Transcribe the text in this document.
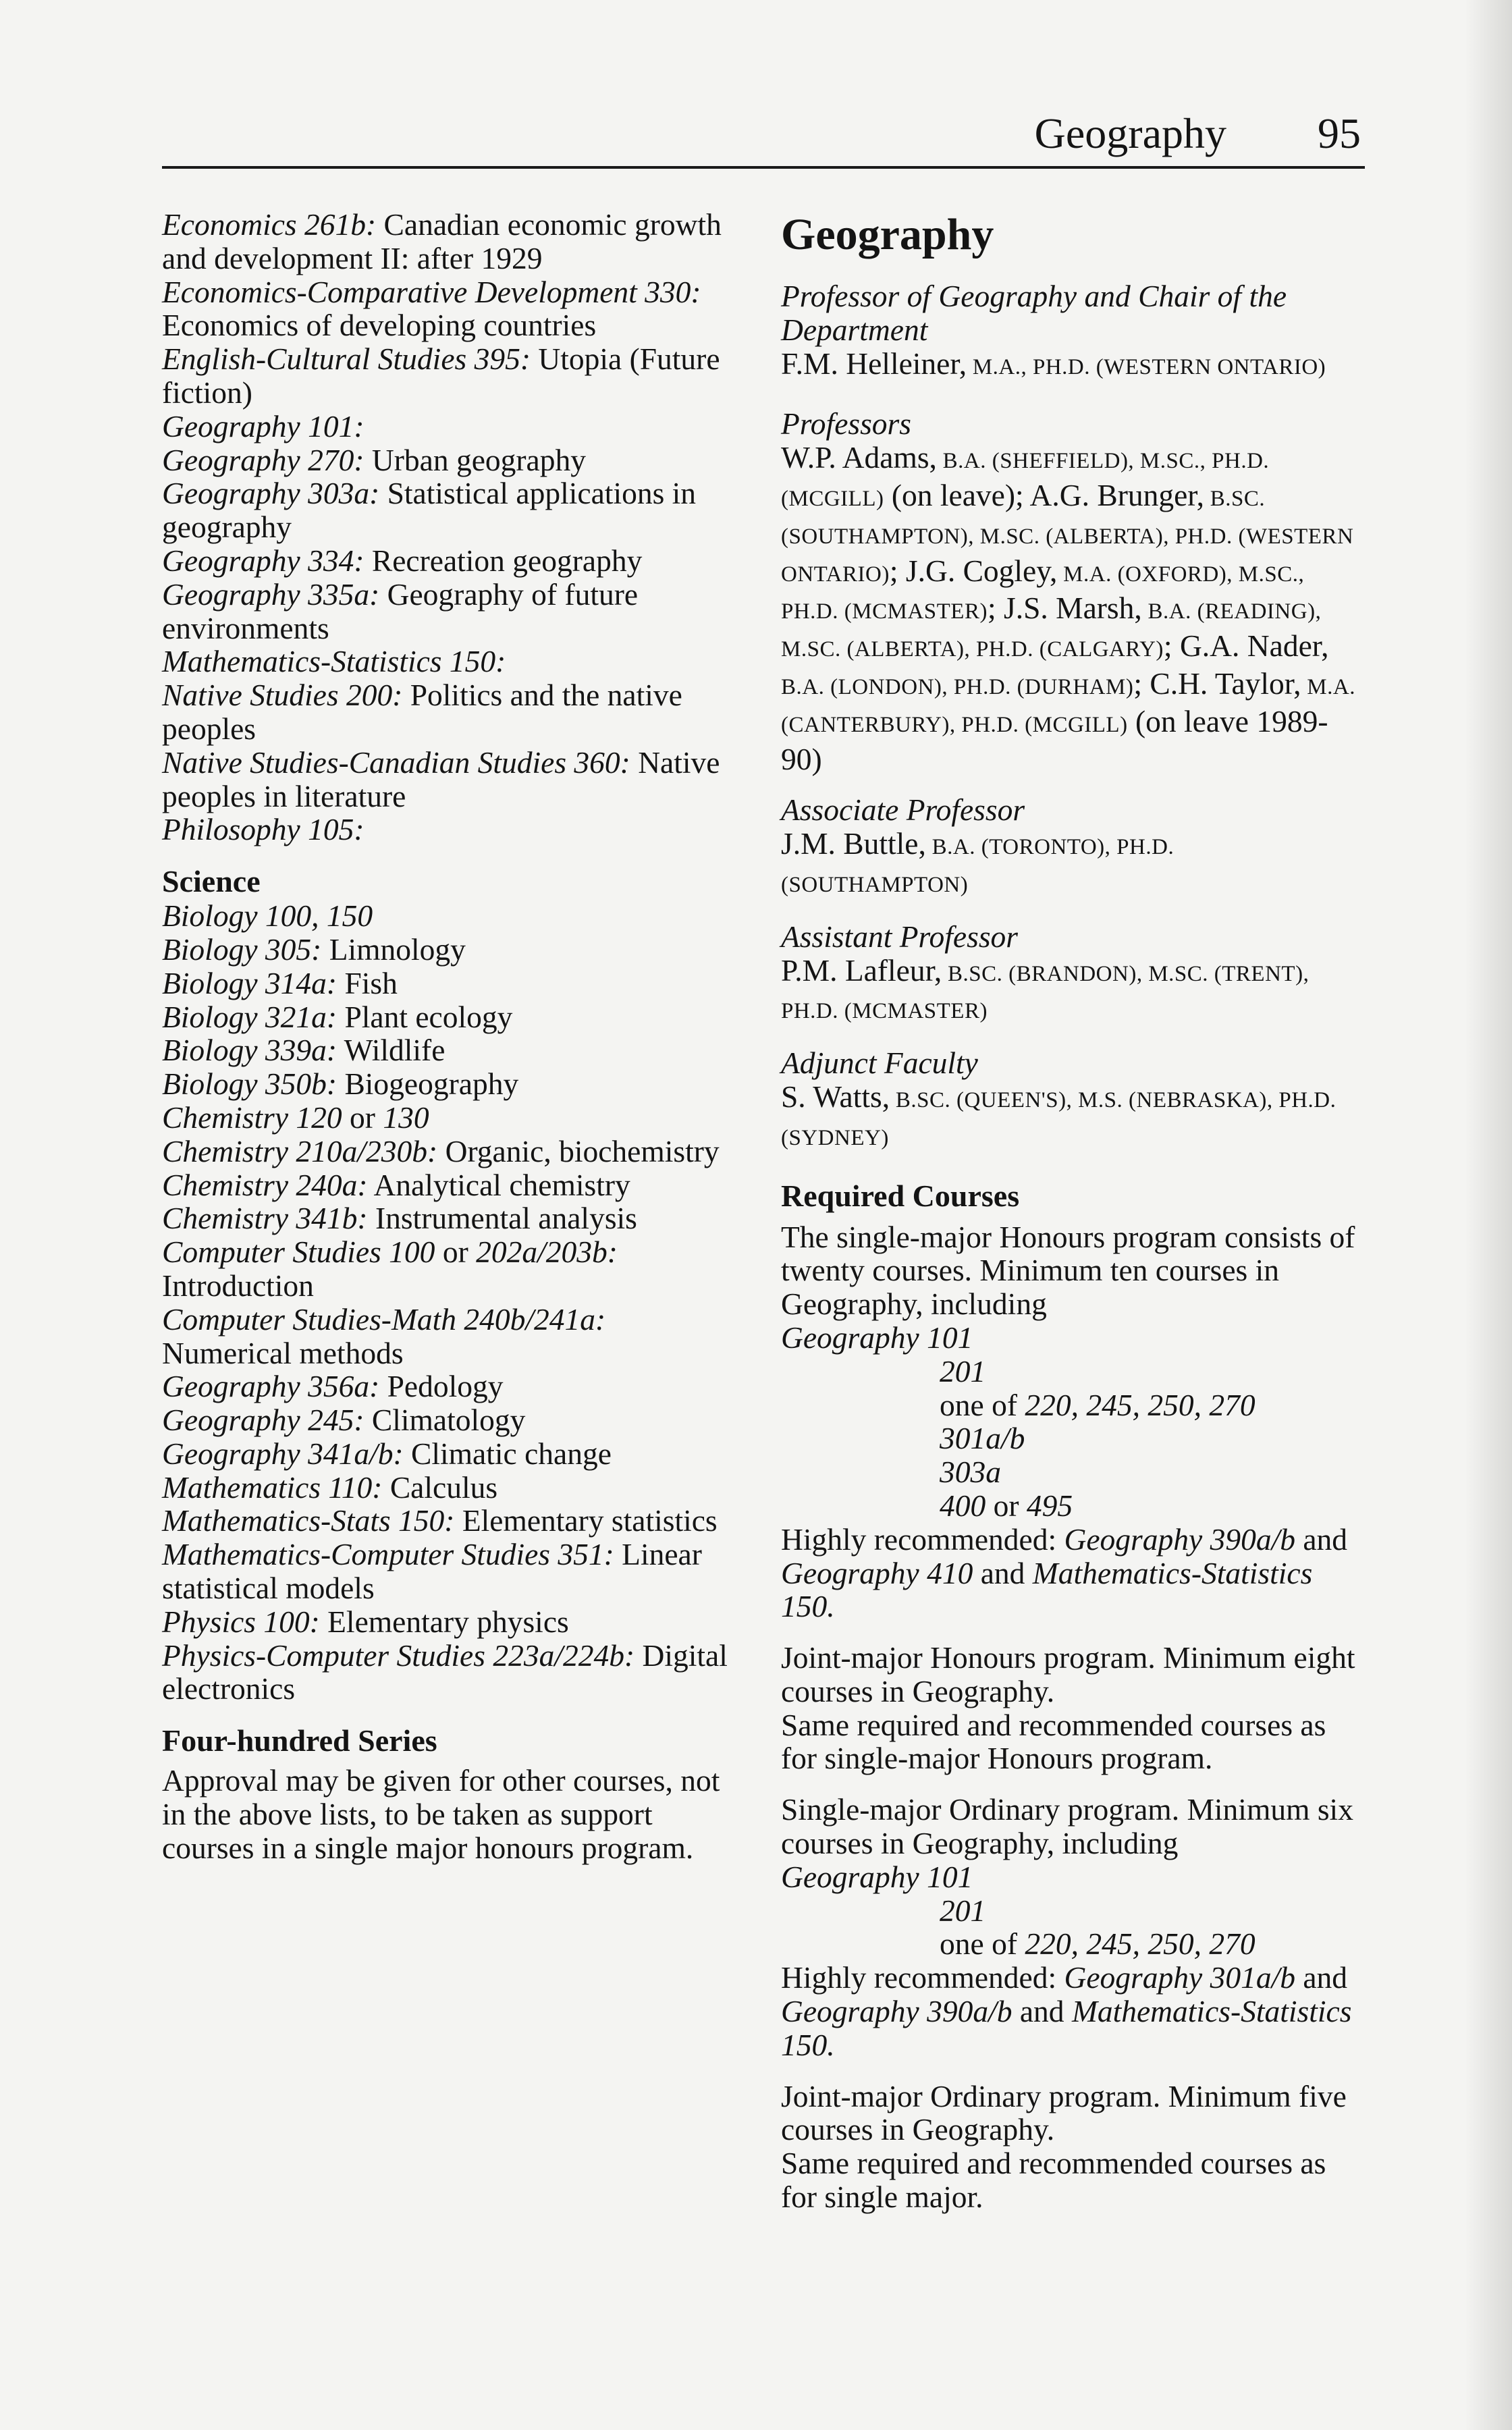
Geography 95

Economics 261b: Canadian economic growth and development II: after 1929

Economics-Comparative Development 330: Economics of developing countries

English-Cultural Studies 395: Utopia (Future fiction)

Geography 101:

Geography 270: Urban geography

Geography 303a: Statistical applications in geography

Geography 334: Recreation geography

Geography 335a: Geography of future environments

Mathematics-Statistics 150:

Native Studies 200: Politics and the native peoples

Native Studies-Canadian Studies 360: Native peoples in literature

Philosophy 105:

Science

Biology 100, 150

Biology 305: Limnology

Biology 314a: Fish

Biology 321a: Plant ecology

Biology 339a: Wildlife

Biology 350b: Biogeography

Chemistry 120 or 130

Chemistry 210a/230b: Organic, biochemistry

Chemistry 240a: Analytical chemistry

Chemistry 341b: Instrumental analysis

Computer Studies 100 or 202a/203b: Introduction

Computer Studies-Math 240b/241a: Numerical methods

Geography 356a: Pedology

Geography 245: Climatology

Geography 341a/b: Climatic change

Mathematics 110: Calculus

Mathematics-Stats 150: Elementary statistics

Mathematics-Computer Studies 351: Linear statistical models

Physics 100: Elementary physics

Physics-Computer Studies 223a/224b: Digital electronics

Four-hundred Series

Approval may be given for other courses, not in the above lists, to be taken as support courses in a single major honours program.

Geography

Professor of Geography and Chair of the Department

F.M. Helleiner, M.A., PH.D. (WESTERN ONTARIO)

Professors

W.P. Adams, B.A. (SHEFFIELD), M.SC., PH.D. (MCGILL) (on leave); A.G. Brunger, B.SC. (SOUTHAMPTON), M.SC. (ALBERTA), PH.D. (WESTERN ONTARIO); J.G. Cogley, M.A. (OXFORD), M.SC., PH.D. (MCMASTER); J.S. Marsh, B.A. (READING), M.SC. (ALBERTA), PH.D. (CALGARY); G.A. Nader, B.A. (LONDON), PH.D. (DURHAM); C.H. Taylor, M.A. (CANTERBURY), PH.D. (MCGILL) (on leave 1989-90)

Associate Professor

J.M. Buttle, B.A. (TORONTO), PH.D. (SOUTHAMPTON)

Assistant Professor

P.M. Lafleur, B.SC. (BRANDON), M.SC. (TRENT), PH.D. (MCMASTER)

Adjunct Faculty

S. Watts, B.SC. (QUEEN'S), M.S. (NEBRASKA), PH.D. (SYDNEY)

Required Courses

The single-major Honours program consists of twenty courses. Minimum ten courses in Geography, including

Geography 101

201

one of 220, 245, 250, 270

301a/b

303a

400 or 495

Highly recommended: Geography 390a/b and Geography 410 and Mathematics-Statistics 150.

Joint-major Honours program. Minimum eight courses in Geography.

Same required and recommended courses as for single-major Honours program.

Single-major Ordinary program. Minimum six courses in Geography, including

Geography 101

201

one of 220, 245, 250, 270

Highly recommended: Geography 301a/b and Geography 390a/b and Mathematics-Statistics 150.

Joint-major Ordinary program. Minimum five courses in Geography.

Same required and recommended courses as for single major.
